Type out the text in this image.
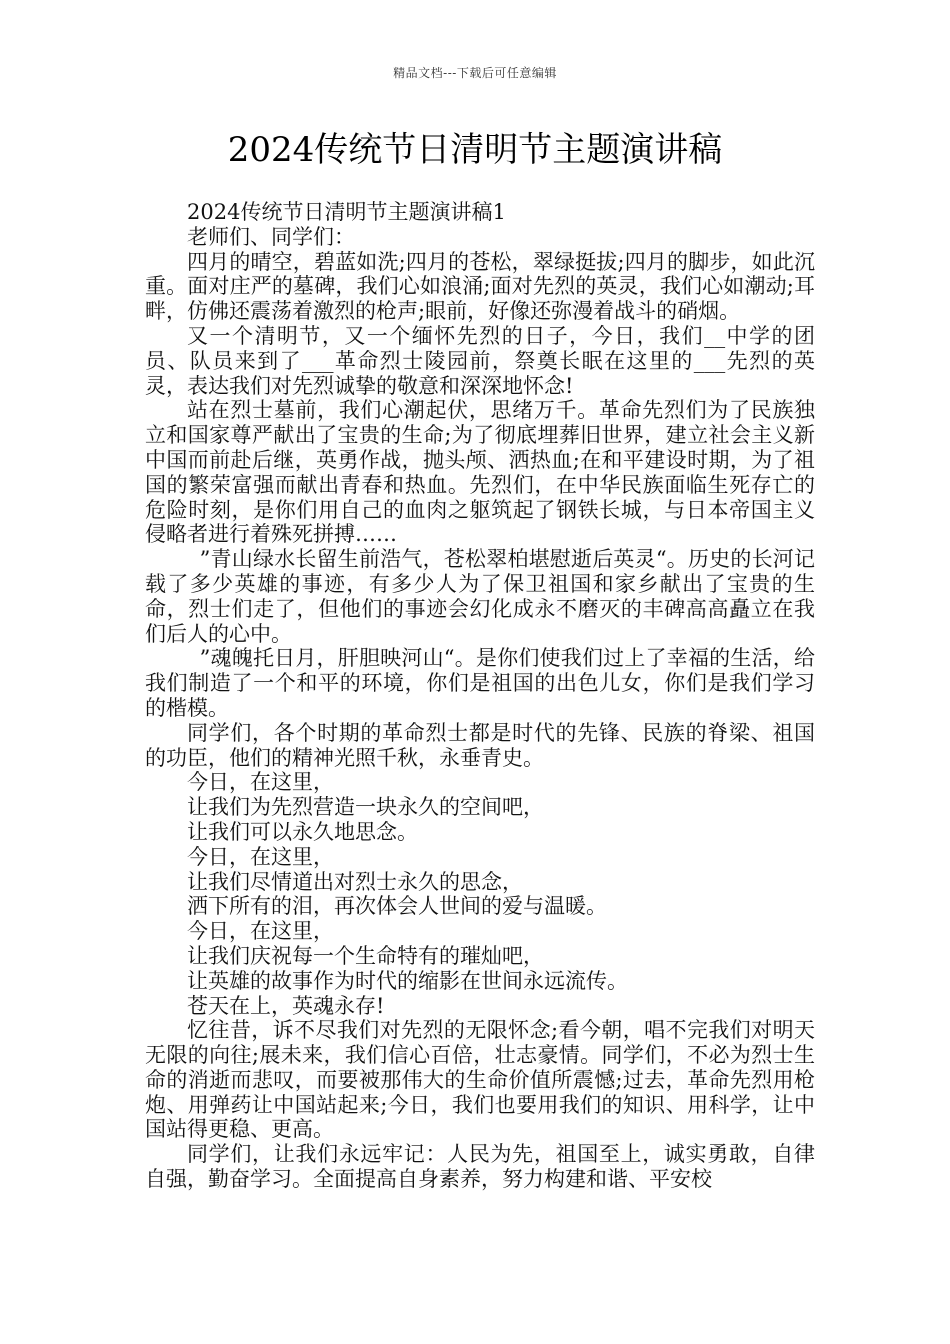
精品文档---下载后可任意编辑
2024传统节日清明节主题演讲稿

2024传统节日清明节主题演讲稿1

老师们、同学们：

四月的晴空，碧蓝如洗;四月的苍松，翠绿挺拔;四月的脚步，如此沉重。面对庄严的墓碑，我们心如浪涌;面对先烈的英灵，我们心如潮动;耳畔，仿佛还震荡着激烈的枪声;眼前，好像还弥漫着战斗的硝烟。

又一个清明节，又一个缅怀先烈的日子，今日，我们__中学的团员、队员来到了___革命烈士陵园前，祭奠长眠在这里的___先烈的英灵，表达我们对先烈诚挚的敬意和深深地怀念!

站在烈士墓前，我们心潮起伏，思绪万千。革命先烈们为了民族独立和国家尊严献出了宝贵的生命;为了彻底埋葬旧世界，建立社会主义新中国而前赴后继，英勇作战，抛头颅、洒热血;在和平建设时期，为了祖国的繁荣富强而献出青春和热血。先烈们，在中华民族面临生死存亡的危险时刻，是你们用自己的血肉之躯筑起了钢铁长城，与日本帝国主义侵略者进行着殊死拼搏……

”青山绿水长留生前浩气，苍松翠柏堪慰逝后英灵“。历史的长河记载了多少英雄的事迹，有多少人为了保卫祖国和家乡献出了宝贵的生命，烈士们走了，但他们的事迹会幻化成永不磨灭的丰碑高高矗立在我们后人的心中。

”魂魄托日月，肝胆映河山“。是你们使我们过上了幸福的生活，给我们制造了一个和平的环境，你们是祖国的出色儿女，你们是我们学习的楷模。

同学们，各个时期的革命烈士都是时代的先锋、民族的脊梁、祖国的功臣，他们的精神光照千秋，永垂青史。

今日，在这里，

让我们为先烈营造一块永久的空间吧，

让我们可以永久地思念。

今日，在这里，

让我们尽情道出对烈士永久的思念，

洒下所有的泪，再次体会人世间的爱与温暖。

今日，在这里，

让我们庆祝每一个生命特有的璀灿吧，

让英雄的故事作为时代的缩影在世间永远流传。

苍天在上，英魂永存!

忆往昔，诉不尽我们对先烈的无限怀念;看今朝，唱不完我们对明天无限的向往;展未来，我们信心百倍，壮志豪情。同学们，不必为烈士生命的消逝而悲叹，而要被那伟大的生命价值所震憾;过去，革命先烈用枪炮、用弹药让中国站起来;今日，我们也要用我们的知识、用科学，让中国站得更稳、更高。

同学们，让我们永远牢记：人民为先，祖国至上，诚实勇敢，自律自强，勤奋学习。全面提高自身素养，努力构建和谐、平安校
